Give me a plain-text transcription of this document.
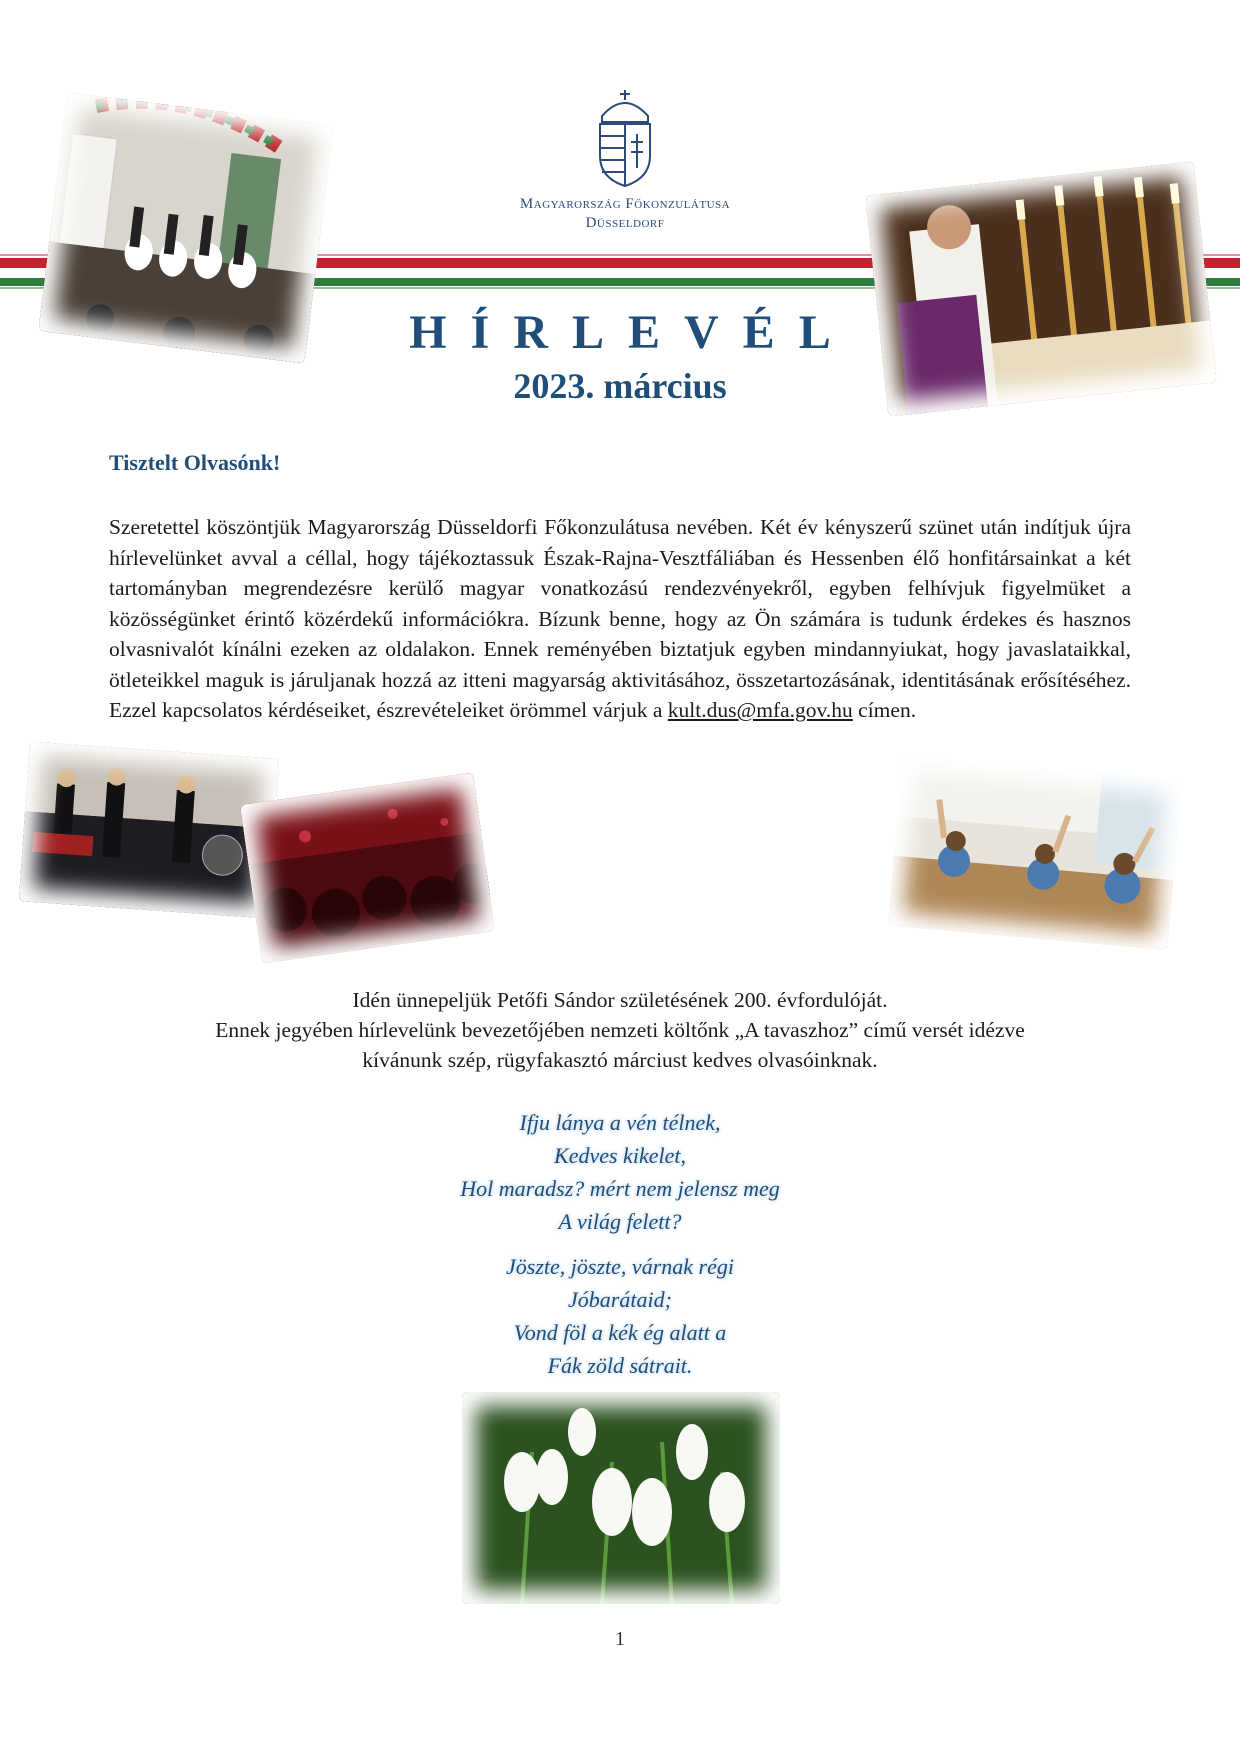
Magyarország Főkonzulátusa
Düsseldorf
HÍRLEVÉL
2023. március
Tisztelt Olvasónk!
Szeretettel köszöntjük Magyarország Düsseldorfi Főkonzulátusa nevében. Két év kényszerű szünet után indítjuk újra hírlevelünket avval a céllal, hogy tájékoztassuk Észak-Rajna-Vesztfáliában és Hessenben élő honfitársainkat a két tartományban megrendezésre kerülő magyar vonatkozású rendezvényekről, egyben felhívjuk figyelmüket a közösségünket érintő közérdekű információkra. Bízunk benne, hogy az Ön számára is tudunk érdekes és hasznos olvasnivalót kínálni ezeken az oldalakon. Ennek reményében biztatjuk egyben mindannyiukat, hogy javaslataikkal, ötleteikkel maguk is járuljanak hozzá az itteni magyarság aktivitásához, összetartozásának, identitásának erősítéséhez. Ezzel kapcsolatos kérdéseiket, észrevételeiket örömmel várjuk a kult.dus@mfa.gov.hu címen.
Idén ünnepeljük Petőfi Sándor születésének 200. évfordulóját.
Ennek jegyében hírlevelünk bevezetőjében nemzeti költőnk „A tavaszhoz” című versét idézve
kívánunk szép, rügyfakasztó márciust kedves olvasóinknak.
Ifju lánya a vén télnek,
Kedves kikelet,
Hol maradsz? mért nem jelensz meg
A világ felett?
Jöszte, jöszte, várnak régi
Jóbarátaid;
Vond föl a kék ég alatt a
Fák zöld sátrait.
1
